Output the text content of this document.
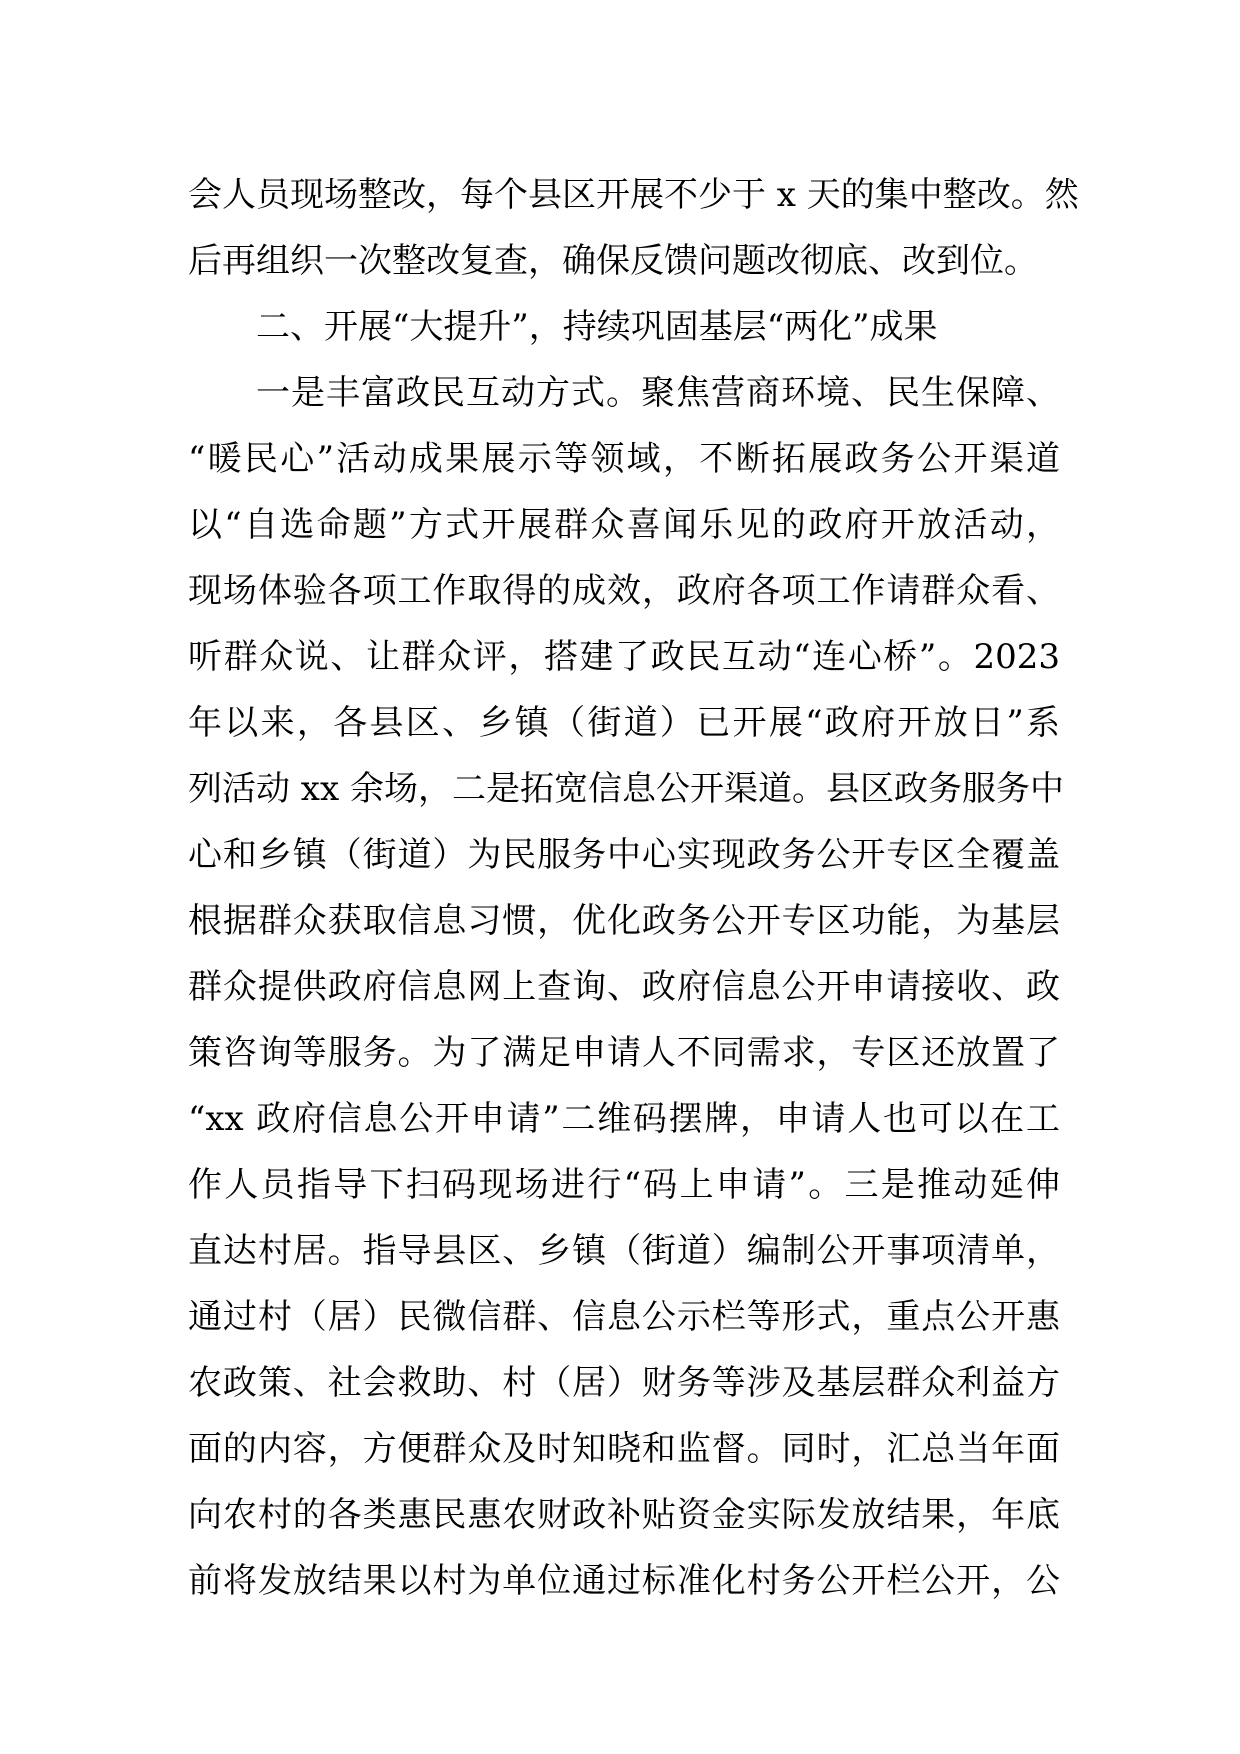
会人员现场整改，每个县区开展不少于 x 天的集中整改。然
后再组织一次整改复查，确保反馈问题改彻底、改到位。
二、开展“大提升”，持续巩固基层“两化”成果
一是丰富政民互动方式。聚焦营商环境、民生保障、
“暖民心”活动成果展示等领域，不断拓展政务公开渠道
以“自选命题”方式开展群众喜闻乐见的政府开放活动，
现场体验各项工作取得的成效，政府各项工作请群众看、
听群众说、让群众评，搭建了政民互动“连心桥”。2023
年以来，各县区、乡镇（街道）已开展“政府开放日”系
列活动 xx 余场，二是拓宽信息公开渠道。县区政务服务中
心和乡镇（街道）为民服务中心实现政务公开专区全覆盖
根据群众获取信息习惯，优化政务公开专区功能，为基层
群众提供政府信息网上查询、政府信息公开申请接收、政
策咨询等服务。为了满足申请人不同需求，专区还放置了
“xx 政府信息公开申请”二维码摆牌，申请人也可以在工
作人员指导下扫码现场进行“码上申请”。三是推动延伸
直达村居。指导县区、乡镇（街道）编制公开事项清单，
通过村（居）民微信群、信息公示栏等形式，重点公开惠
农政策、社会救助、村（居）财务等涉及基层群众利益方
面的内容，方便群众及时知晓和监督。同时，汇总当年面
向农村的各类惠民惠农财政补贴资金实际发放结果，年底
前将发放结果以村为单位通过标准化村务公开栏公开，公
